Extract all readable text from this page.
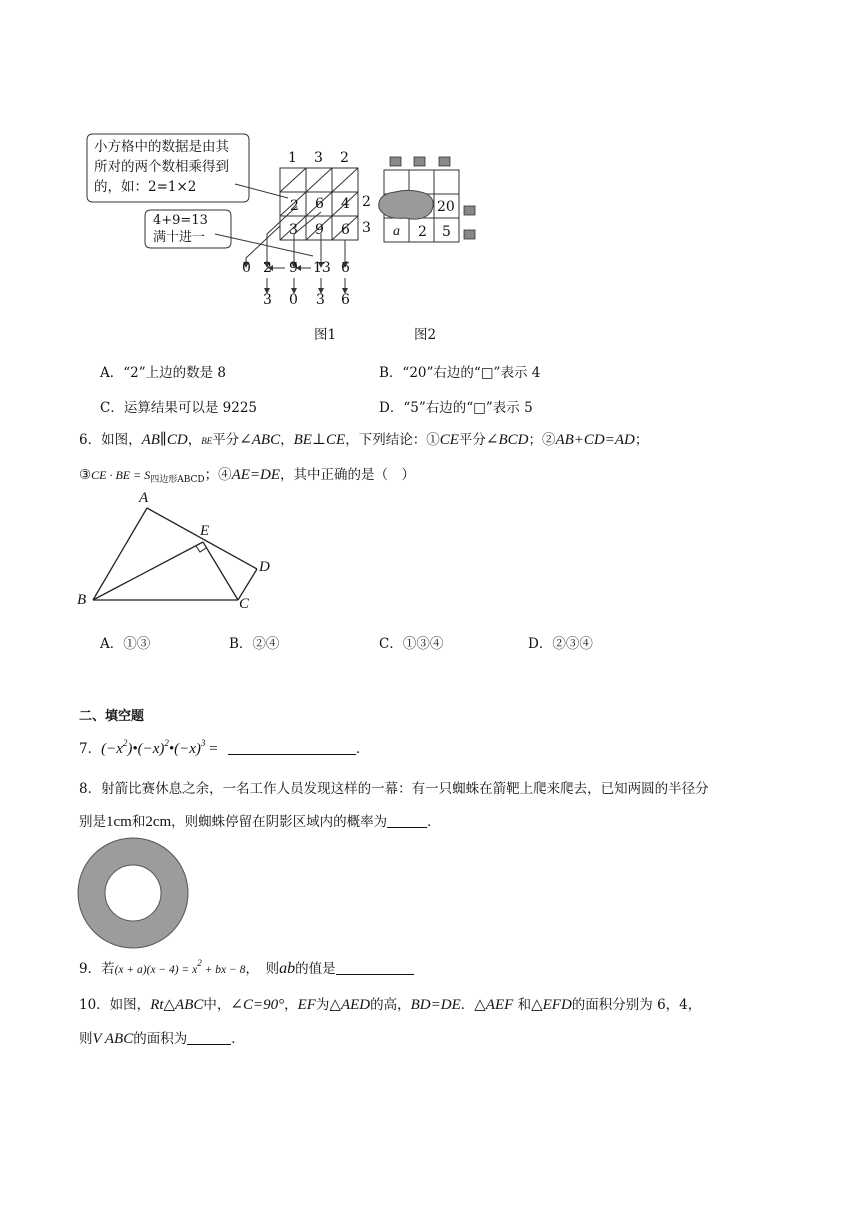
小方格中的数据是由其
所对的两个数相乘得到
的，如：2=1×2
4+9=13
满十进一
1 3 2
2
3
2 6 4
3 9 6
0 2 9 13 6
3 0 3 6
图1
20
a 2 5
图2
A．“2”上边的数是 8	B．“20”右边的“□”表示 4
C．运算结果可以是 9225	D．“5”右边的“□”表示 5
6．如图，AB∥CD，BE平分∠ABC，BE⊥CE，下列结论：①CE平分∠BCD；②AB+CD=AD；
③CE · BE = $S_{四边形ABCD}$；④AE=DE，其中正确的是（　）
A
E
D
B	C
A．①③	B．②④	C．①③④	D．②③④
二、填空题
7．$(-x^2)•(-x)^2•(-x)^3$ =	．
8．射箭比赛休息之余，一名工作人员发现这样的一幕：有一只蜘蛛在箭靶上爬来爬去，已知两圆的半径分
别是1cm和2cm，则蜘蛛停留在阴影区域内的概率为	．
9．若$(x + a)(x - 4) = x^2$ + bx − 8，　则ab的值是
10．如图，Rt△ABC中，∠C=90°，EF为△AED的高，BD=DE．△AEF 和△EFD的面积分别为 6，4，
则V ABC的面积为	．
